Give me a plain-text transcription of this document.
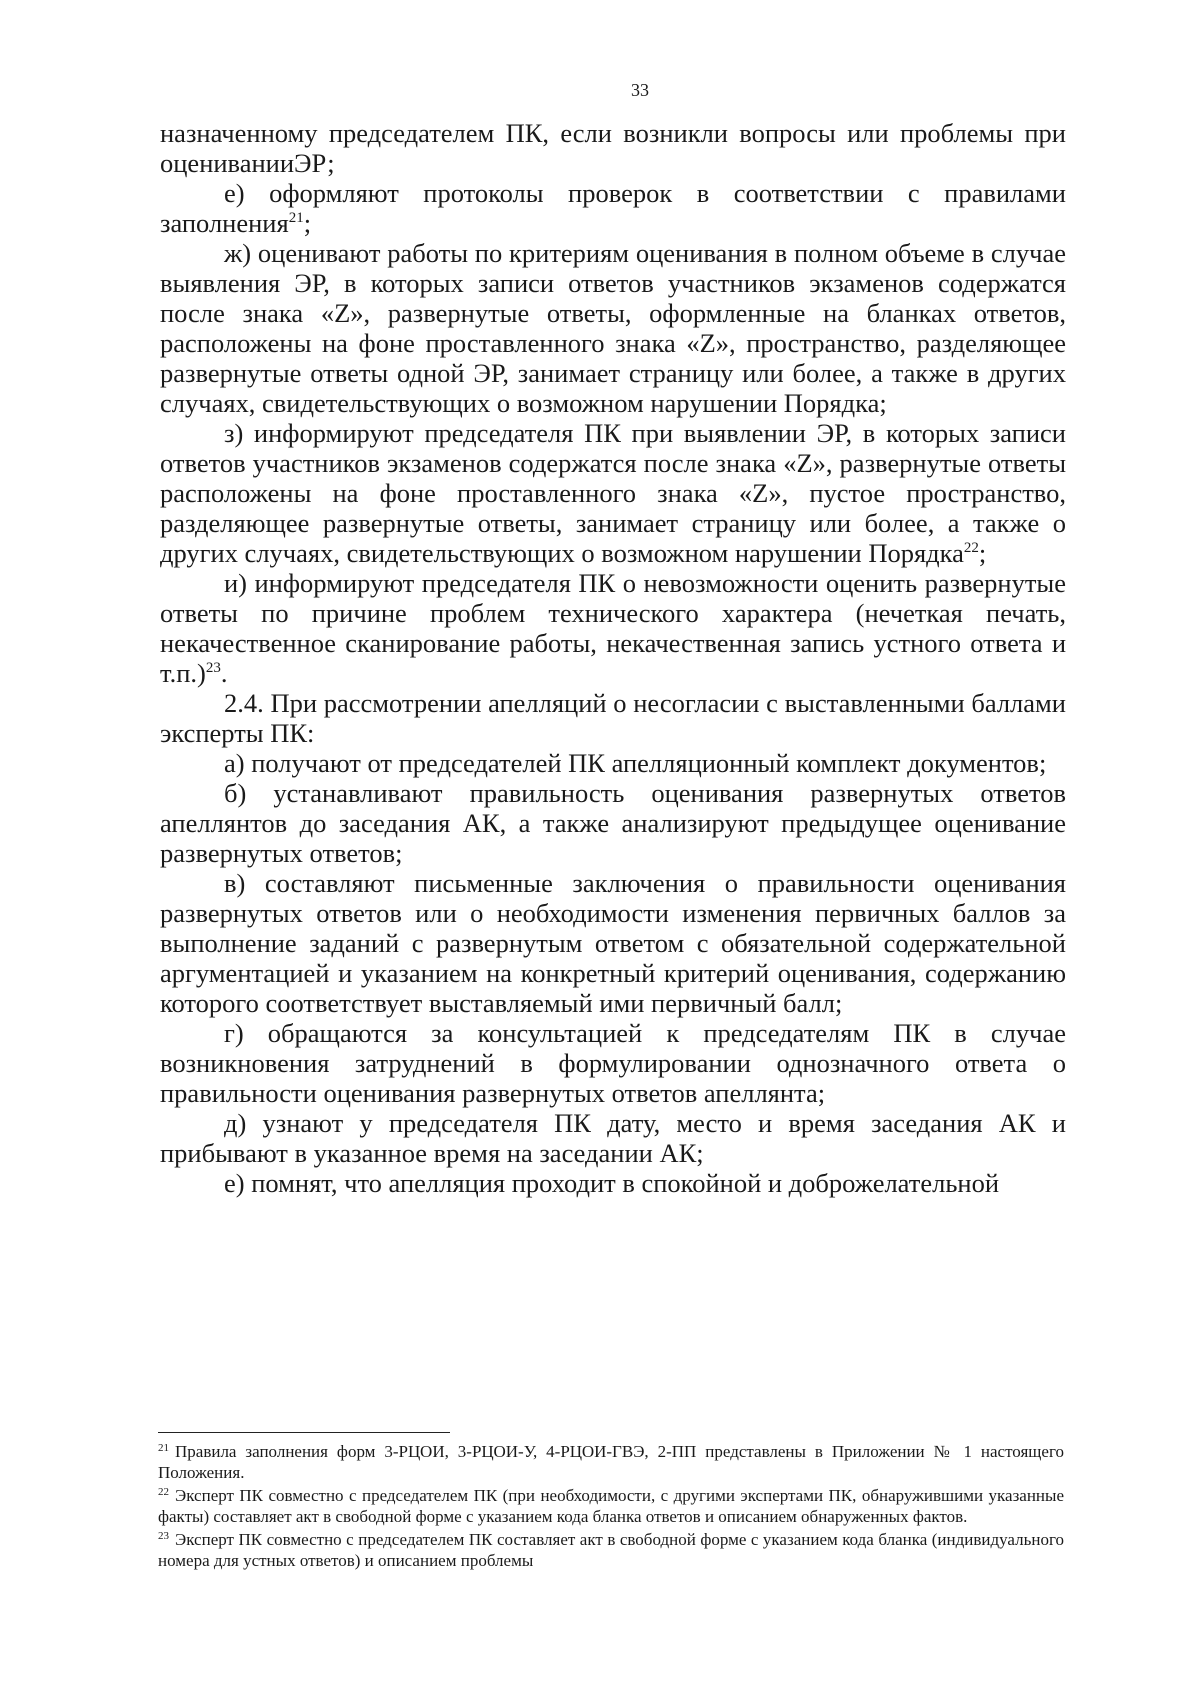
33

назначенному председателем ПК, если возникли вопросы или проблемы при оцениванииЭР;

е) оформляют протоколы проверок в соответствии с правилами заполнения$^{21}$;

ж) оценивают работы по критериям оценивания в полном объеме в случае выявления ЭР, в которых записи ответов участников экзаменов содержатся после знака «Z», развернутые ответы, оформленные на бланках ответов, расположены на фоне проставленного знака «Z», пространство, разделяющее развернутые ответы одной ЭР, занимает страницу или более, а также в других случаях, свидетельствующих о возможном нарушении Порядка;

з) информируют председателя ПК при выявлении ЭР, в которых записи ответов участников экзаменов содержатся после знака «Z», развернутые ответы расположены на фоне проставленного знака «Z», пустое пространство, разделяющее развернутые ответы, занимает страницу или более, а также о других случаях, свидетельствующих о возможном нарушении Порядка$^{22}$;

и) информируют председателя ПК о невозможности оценить развернутые ответы по причине проблем технического характера (нечеткая печать, некачественное сканирование работы, некачественная запись устного ответа и т.п.)$^{23}$.

2.4. При рассмотрении апелляций о несогласии с выставленными баллами эксперты ПК:

а) получают от председателей ПК апелляционный комплект документов;

б) устанавливают правильность оценивания развернутых ответов апеллянтов до заседания АК, а также анализируют предыдущее оценивание развернутых ответов;

в) составляют письменные заключения о правильности оценивания развернутых ответов или о необходимости изменения первичных баллов за выполнение заданий с развернутым ответом с обязательной содержательной аргументацией и указанием на конкретный критерий оценивания, содержанию которого соответствует выставляемый ими первичный балл;

г) обращаются за консультацией к председателям ПК в случае возникновения затруднений в формулировании однозначного ответа о правильности оценивания развернутых ответов апеллянта;

д) узнают у председателя ПК дату, место и время заседания АК и прибывают в указанное время на заседании АК;

е) помнят, что апелляция проходит в спокойной и доброжелательной

$^{21}$ Правила заполнения форм 3-РЦОИ, 3-РЦОИ-У, 4-РЦОИ-ГВЭ, 2-ПП представлены в Приложении № 1 настоящего Положения.

$^{22}$ Эксперт ПК совместно с председателем ПК (при необходимости, с другими экспертами ПК, обнаружившими указанные факты) составляет акт в свободной форме с указанием кода бланка ответов и описанием обнаруженных фактов.

$^{23}$ Эксперт ПК совместно с председателем ПК составляет акт в свободной форме с указанием кода бланка (индивидуального номера для устных ответов) и описанием проблемы
